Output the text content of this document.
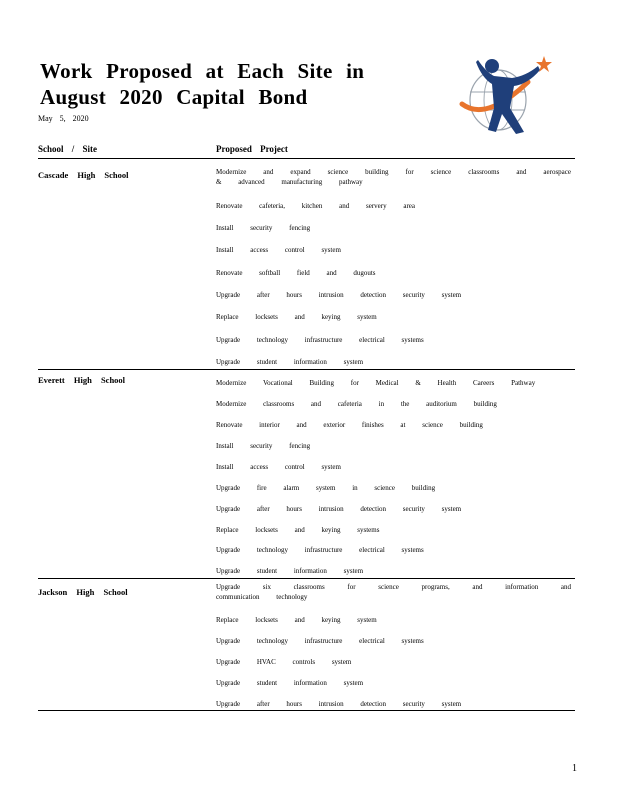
Work Proposed at Each Site in
August 2020 Capital Bond
May 5, 2020
School / Site	Proposed Project
Cascade High School	Modernize and expand science building for science classrooms and aerospace & advanced manufacturing pathway
Renovate cafeteria, kitchen and servery area
Install security fencing
Install access control system
Renovate softball field and dugouts
Upgrade after hours intrusion detection security system
Replace locksets and keying system
Upgrade technology infrastructure electrical systems
Upgrade student information system
Everett High School	Modernize Vocational Building for Medical & Health Careers Pathway
Modernize classrooms and cafeteria in the auditorium building
Renovate interior and exterior finishes at science building
Install security fencing
Install access control system
Upgrade fire alarm system in science building
Upgrade after hours intrusion detection security system
Replace locksets and keying systems
Upgrade technology infrastructure electrical systems
Upgrade student information system
Jackson High School	Upgrade six classrooms for science programs, and information and communication technology
Replace locksets and keying system
Upgrade technology infrastructure electrical systems
Upgrade HVAC controls system
Upgrade student information system
Upgrade after hours intrusion detection security system
1
